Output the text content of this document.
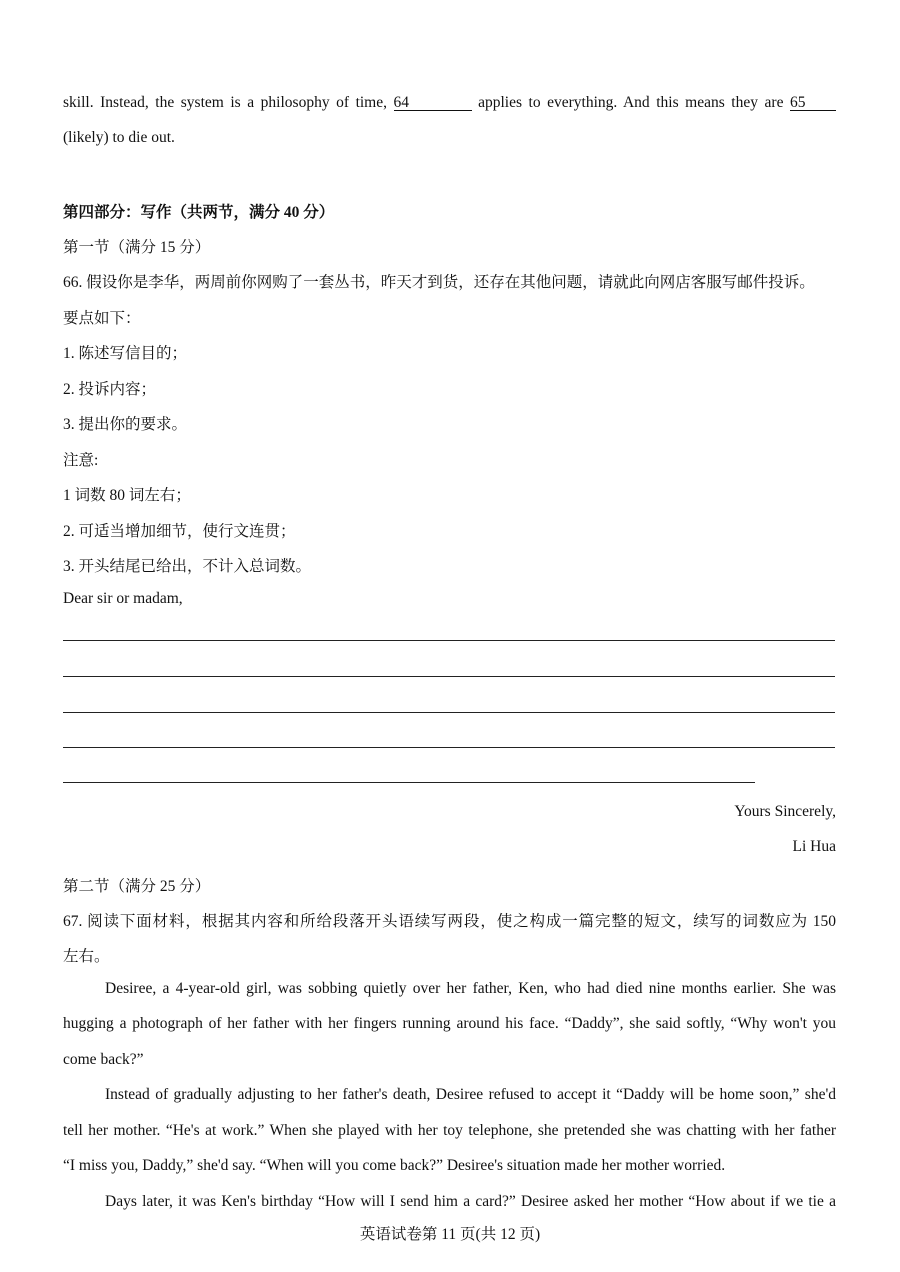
skill. Instead, the system is a philosophy of time, 64	applies to everything. And this means they are 65
(likely) to die out.
第四部分：写作（共两节，满分 40 分）
第一节（满分 15 分）
66. 假设你是李华，两周前你网购了一套丛书，昨天才到货，还存在其他问题，请就此向网店客服写邮件投诉。
要点如下：
1. 陈述写信目的；
2. 投诉内容；
3. 提出你的要求。
注意:
1 词数 80 词左右；
2. 可适当增加细节，使行文连贯；
3. 开头结尾已给出，不计入总词数。
Dear sir or madam,
Yours Sincerely,
Li Hua
第二节（满分 25 分）
67. 阅读下面材料，根据其内容和所给段落开头语续写两段，使之构成一篇完整的短文，续写的词数应为 150
左右。
Desiree, a 4-year-old girl, was sobbing quietly over her father, Ken, who had died nine months earlier. She was
hugging a photograph of her father with her fingers running around his face. “Daddy”, she said softly, “Why won't you
come back?”
Instead of gradually adjusting to her father's death, Desiree refused to accept it “Daddy will be home soon,” she'd
tell her mother. “He's at work.” When she played with her toy telephone, she pretended she was chatting with her father
“I miss you, Daddy,” she'd say. “When will you come back?” Desiree's situation made her mother worried.
Days later, it was Ken's birthday “How will I send him a card?” Desiree asked her mother “How about if we tie a
英语试卷第 11 页(共 12 页)
